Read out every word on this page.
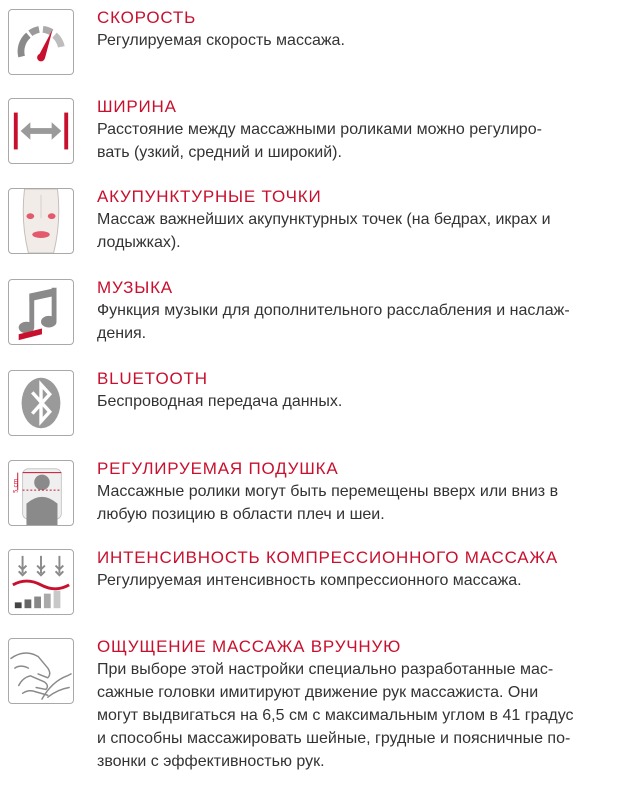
СКОРОСТЬ

Регулируемая скорость массажа.

ШИРИНА

Расстояние между массажными роликами можно регулиро-
вать (узкий, средний и широкий).

АКУПУНКТУРНЫЕ ТОЧКИ

Массаж важнейших акупунктурных точек (на бедрах, икрах и
лодыжках).

МУЗЫКА

Функция музыки для дополнительного расслабления и наслаж-
дения.

BLUETOOTH

Беспроводная передача данных.

5 cm
РЕГУЛИРУЕМАЯ ПОДУШКА

Массажные ролики могут быть перемещены вверх или вниз в
любую позицию в области плеч и шеи.

ИНТЕНСИВНОСТЬ КОМПРЕССИОННОГО МАССАЖА

Регулируемая интенсивность компрессионного массажа.

ОЩУЩЕНИЕ МАССАЖА ВРУЧНУЮ

При выборе этой настройки специально разработанные мас-
сажные головки имитируют движение рук массажиста. Они
могут выдвигаться на 6,5 см с максимальным углом в 41 градус
и способны массажировать шейные, грудные и поясничные по-
звонки с эффективностью рук.
